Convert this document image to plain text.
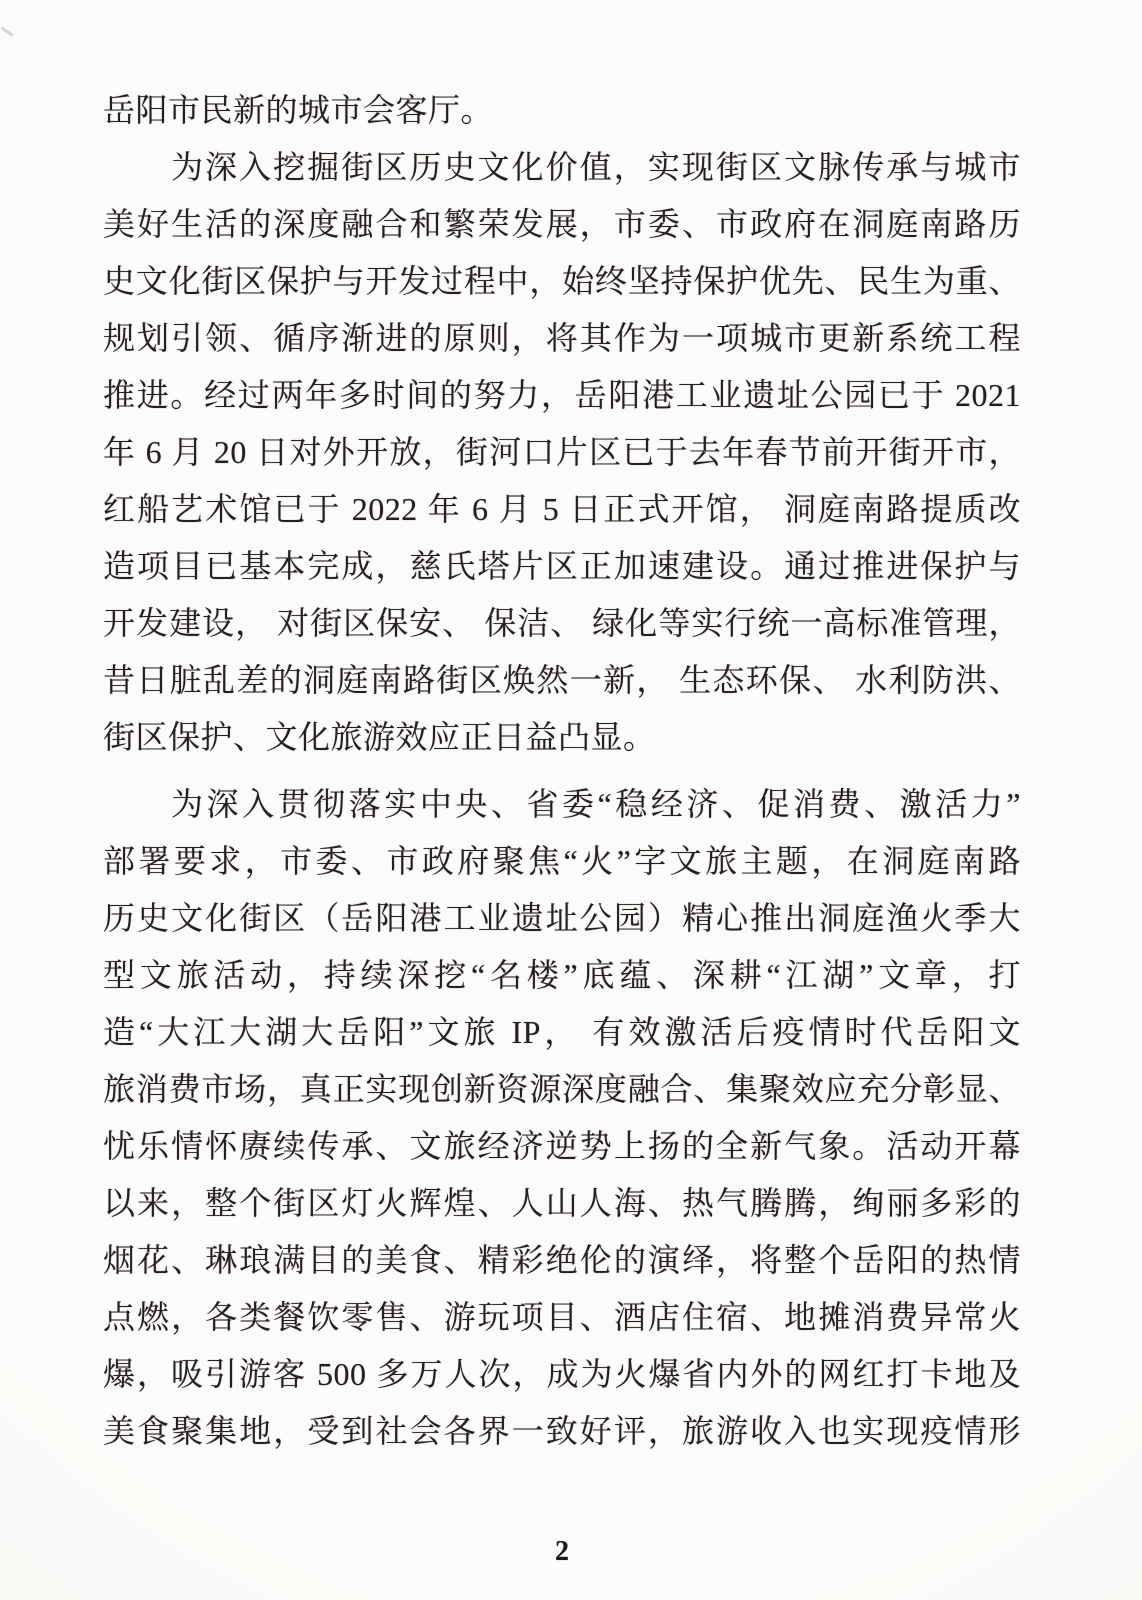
岳阳市民新的城市会客厅。
为深入挖掘街区历史文化价值，实现街区文脉传承与城市
美好生活的深度融合和繁荣发展，市委、市政府在洞庭南路历
史文化街区保护与开发过程中，始终坚持保护优先、民生为重、
规划引领、循序渐进的原则，将其作为一项城市更新系统工程
推进。经过两年多时间的努力，岳阳港工业遗址公园已于 2021
年 6 月 20 日对外开放，街河口片区已于去年春节前开街开市，
红船艺术馆已于 2022 年 6 月 5 日正式开馆， 洞庭南路提质改
造项目已基本完成，慈氏塔片区正加速建设。通过推进保护与
开发建设， 对街区保安、 保洁、 绿化等实行统一高标准管理，
昔日脏乱差的洞庭南路街区焕然一新， 生态环保、 水利防洪、
街区保护、文化旅游效应正日益凸显。
为深入贯彻落实中央、省委“稳经济、促消费、激活力”
部署要求，市委、市政府聚焦“火”字文旅主题，在洞庭南路
历史文化街区（岳阳港工业遗址公园）精心推出洞庭渔火季大
型文旅活动，持续深挖“名楼”底蕴、深耕“江湖”文章，打
造“大江大湖大岳阳”文旅 IP， 有效激活后疫情时代岳阳文
旅消费市场，真正实现创新资源深度融合、集聚效应充分彰显、
忧乐情怀赓续传承、文旅经济逆势上扬的全新气象。活动开幕
以来，整个街区灯火辉煌、人山人海、热气腾腾，绚丽多彩的
烟花、琳琅满目的美食、精彩绝伦的演绎，将整个岳阳的热情
点燃，各类餐饮零售、游玩项目、酒店住宿、地摊消费异常火
爆，吸引游客 500 多万人次，成为火爆省内外的网红打卡地及
美食聚集地，受到社会各界一致好评，旅游收入也实现疫情形
2
